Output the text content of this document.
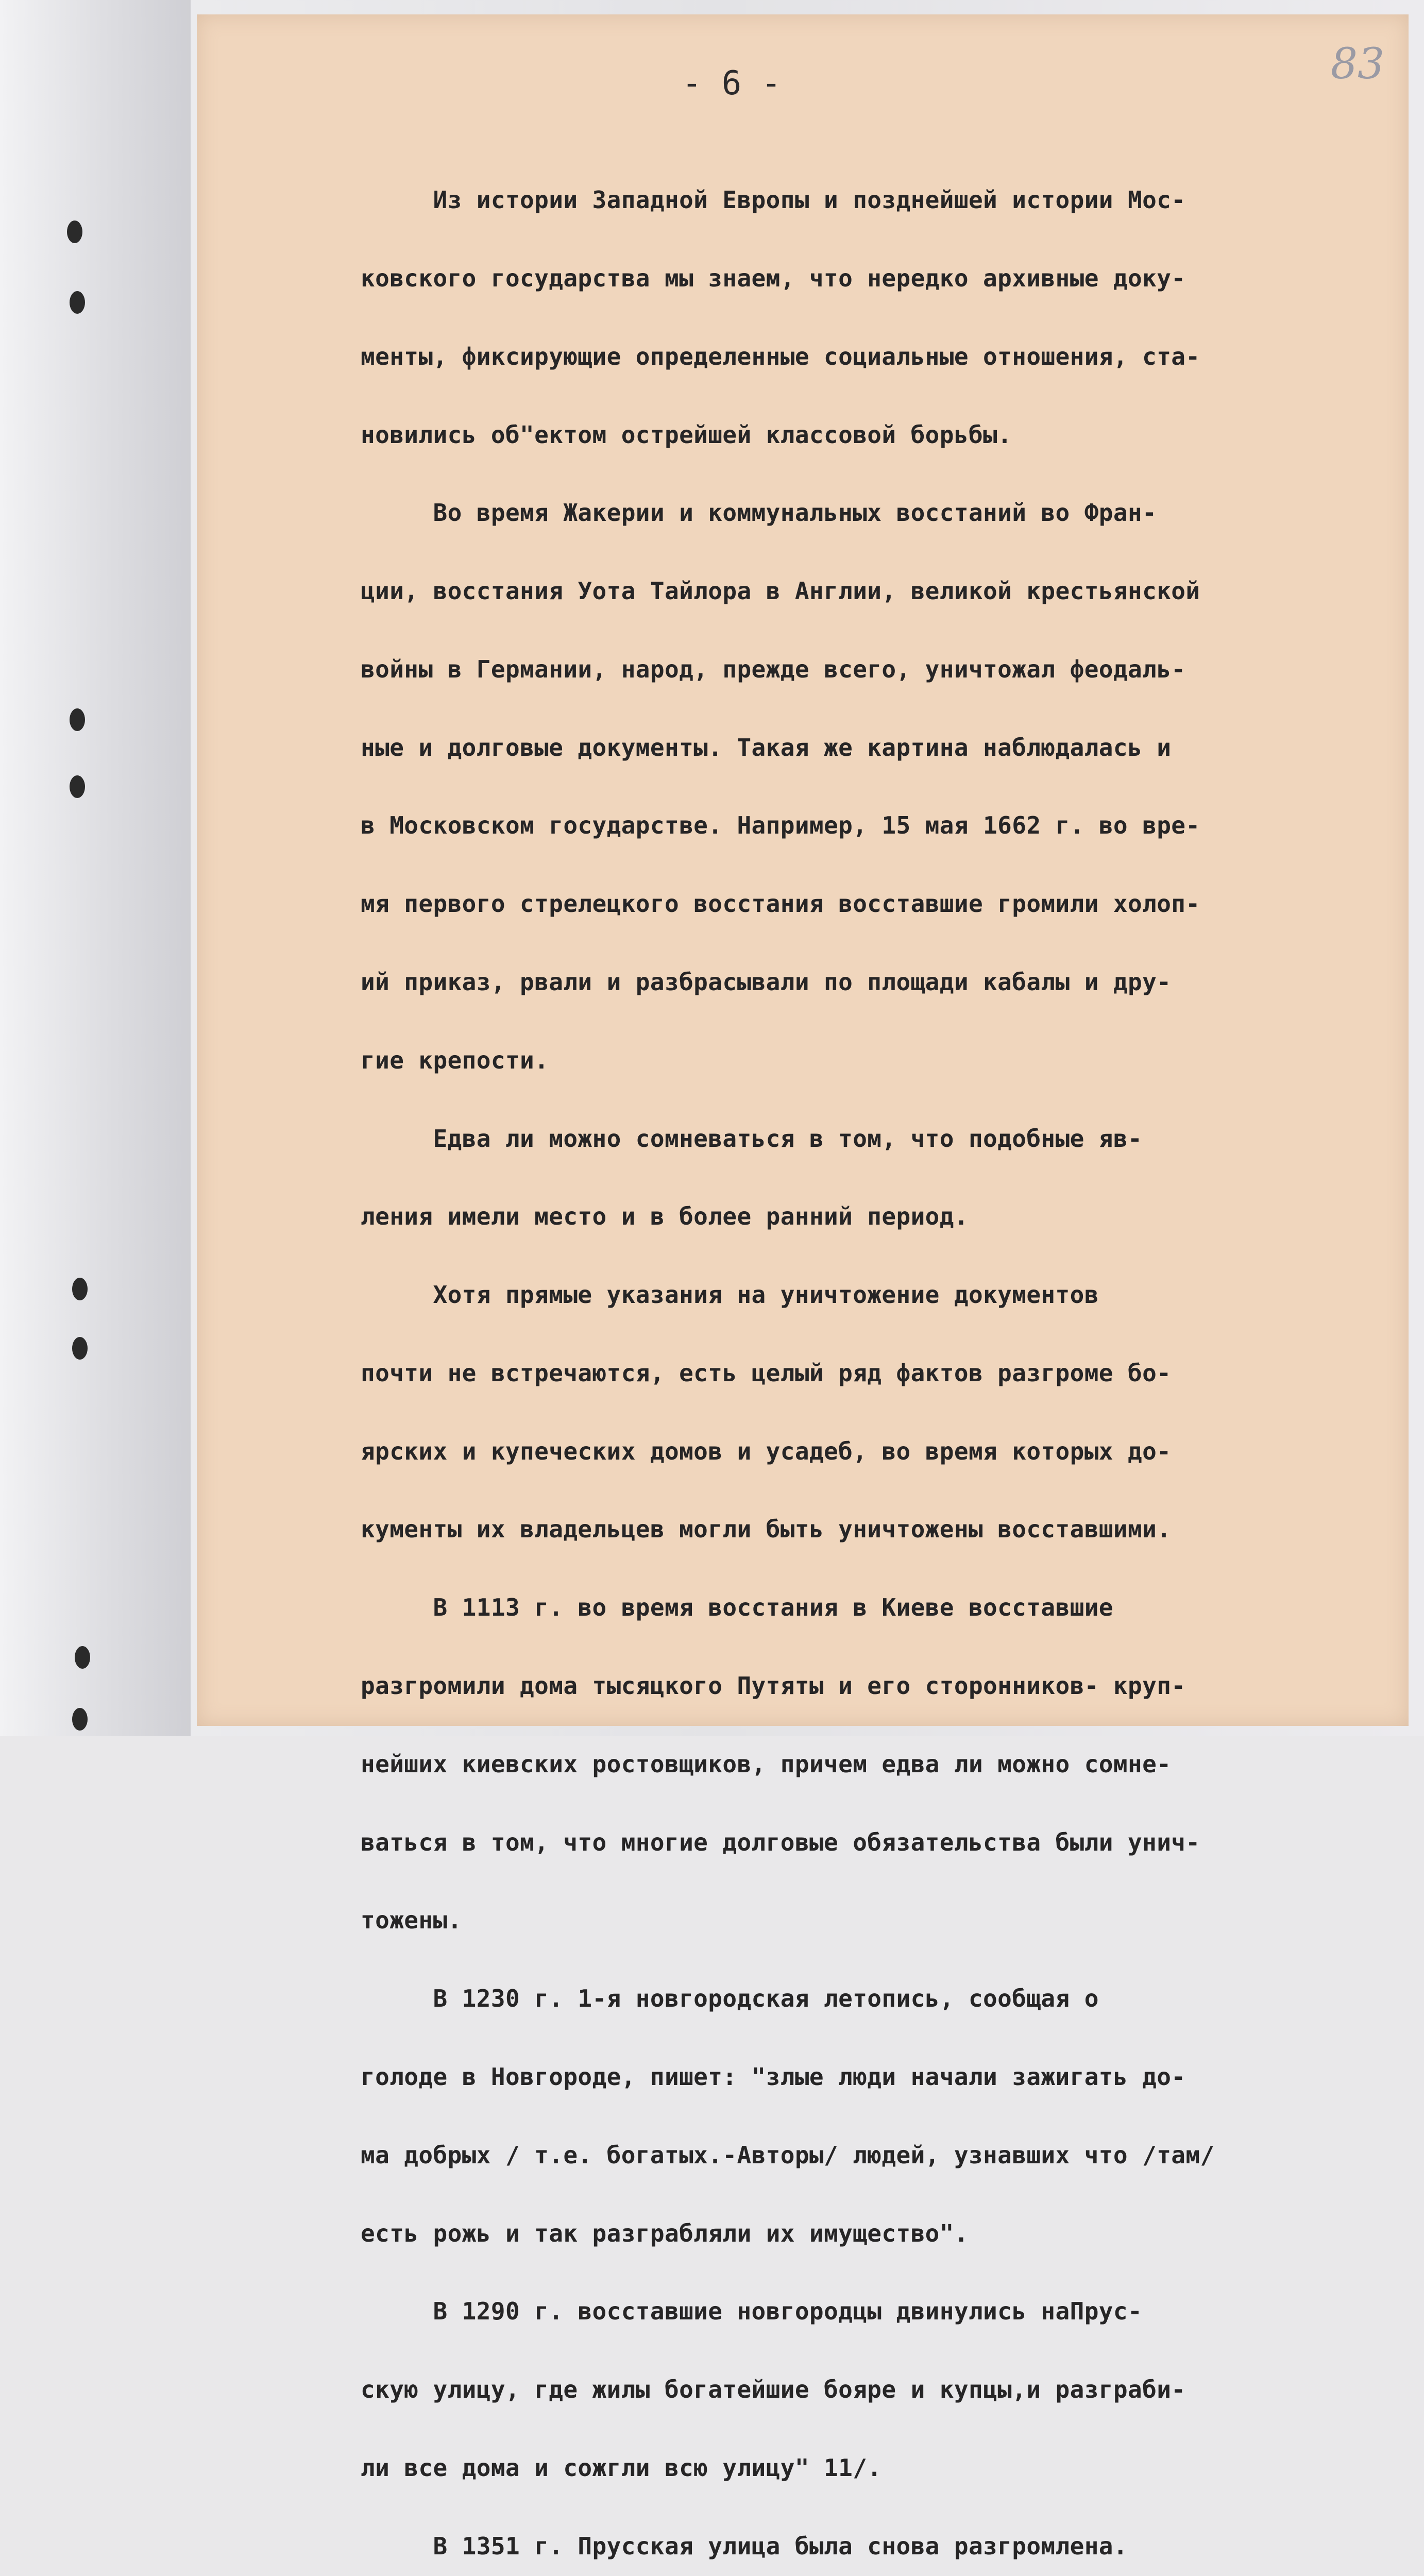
83
- 6 -

Из истории Западной Европы и позднейшей истории Мос-

ковского государства мы знаем, что нередко архивные доку-

менты, фиксирующие определенные социальные отношения, ста-

новились об"ектом острейшей классовой борьбы.

Во время Жакерии и коммунальных восстаний во Фран-

ции, восстания Уота Тайлора в Англии, великой крестьянской

войны в Германии, народ, прежде всего, уничтожал феодаль-

ные и долговые документы. Такая же картина наблюдалась и

в Московском государстве. Например, 15 мая 1662 г. во вре-

мя первого стрелецкого восстания восставшие громили холоп-

ий приказ, рвали и разбрасывали по площади кабалы и дру-

гие крепости.

Едва ли можно сомневаться в том, что подобные яв-

ления имели место и в более ранний период.

Хотя прямые указания на уничтожение документов

почти не встречаются, есть целый ряд фактов разгроме бо-

ярских и купеческих домов и усадеб, во время которых до-

кументы их владельцев могли быть уничтожены восставшими.

В 1113 г. во время восстания в Киеве восставшие

разгромили дома тысяцкого Путяты и его сторонников- круп-

нейших киевских ростовщиков, причем едва ли можно сомне-

ваться в том, что многие долговые обязательства были унич-

тожены.

В 1230 г. 1-я новгородская летопись, сообщая о

голоде в Новгороде, пишет: "злые люди начали зажигать до-

ма добрых / т.е. богатых.-Авторы/ людей, узнавших что /там/

есть рожь и так разграбляли их имущество".

В 1290 г. восставшие новгородцы двинулись наПрус-

скую улицу, где жилы богатейшие бояре и купцы,и разграби-

ли все дома и сожгли всю улицу" 11/.

В 1351 г. Прусская улица была снова разгромлена.
